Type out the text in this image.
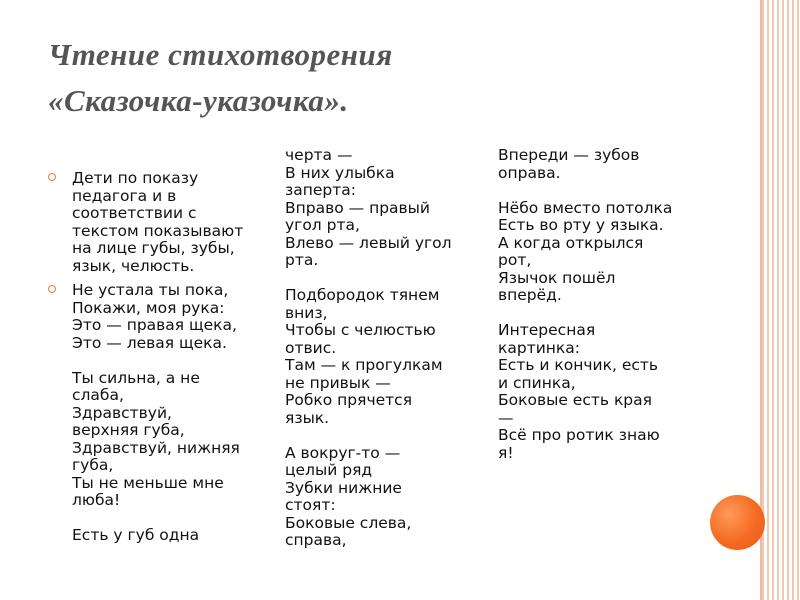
Чтение стихотворения
«Сказочка-указочка».

Дети по показу
педагога и в
соответствии с
текстом показывают
на лице губы, зубы,
язык, челюсть.

Не устала ты пока,
Покажи, моя рука:
Это — правая щека,
Это — левая щека.

Ты сильна, а не
слаба,
Здравствуй,
верхняя губа,
Здравствуй, нижняя
губа,
Ты не меньше мне
люба!

Есть у губ одна

черта —
В них улыбка
заперта:
Вправо — правый
угол рта,
Влево — левый угол
рта.

Подбородок тянем
вниз,
Чтобы с челюстью
отвис.
Там — к прогулкам
не привык —
Робко прячется
язык.

А вокруг-то —
целый ряд
Зубки нижние
стоят:
Боковые слева,
справа,

Впереди — зубов
оправа.

Нёбо вместо потолка
Есть во рту у языка.
А когда открылся
рот,
Язычок пошёл
вперёд.

Интересная
картинка:
Есть и кончик, есть
и спинка,
Боковые есть края
—
Всё про ротик знаю
я!
